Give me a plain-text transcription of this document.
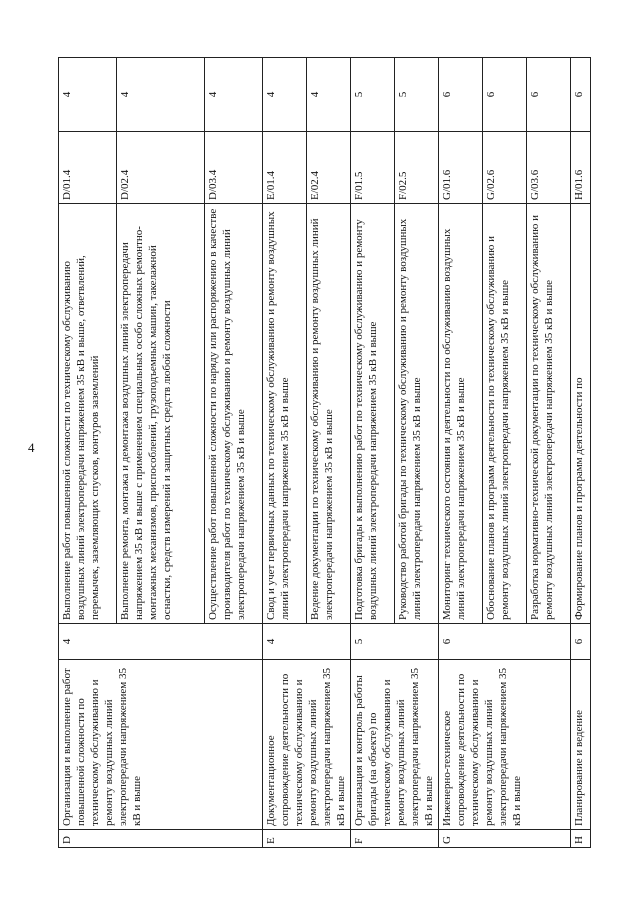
4
D	Организация и выполнение работ повышенной сложности по техническому обслуживанию и ремонту воздушных линий электропередачи напряжением 35 кВ и выше	4	Выполнение работ повышенной сложности по техническому обслуживанию воздушных линий электропередачи напряжением 35 кВ и выше, ответвлений, перемычек, заземляющих спусков, контуров заземлений	D/01.4	4
			Выполнение ремонта, монтажа и демонтажа воздушных линий электропередачи напряжением 35 кВ и выше с применением специальных особо сложных ремонтно-монтажных механизмов, приспособлений, грузоподъемных машин, такелажной оснастки, средств измерений и защитных средств любой сложности	D/02.4	4
			Осуществление работ повышенной сложности по наряду или распоряжению в качестве производителя работ по техническому обслуживанию и ремонту воздушных линий электропередачи напряжением 35 кВ и выше	D/03.4	4
E	Документационное сопровождение деятельности по техническому обслуживанию и ремонту воздушных линий электропередачи напряжением 35 кВ и выше	4	Свод и учет первичных данных по техническому обслуживанию и ремонту воздушных линий электропередачи напряжением 35 кВ и выше	E/01.4	4
			Ведение документации по техническому обслуживанию и ремонту воздушных линий электропередачи напряжением 35 кВ и выше	E/02.4	4
F	Организация и контроль работы бригады (на объекте) по техническому обслуживанию и ремонту воздушных линий электропередачи напряжением 35 кВ и выше	5	Подготовка бригады к выполнению работ по техническому обслуживанию и ремонту воздушных линий электропередачи напряжением 35 кВ и выше	F/01.5	5
			Руководство работой бригады по техническому обслуживанию и ремонту воздушных линий электропередачи напряжением 35 кВ и выше	F/02.5	5
G	Инженерно-техническое сопровождение деятельности по техническому обслуживанию и ремонту воздушных линий электропередачи напряжением 35 кВ и выше	6	Мониторинг технического состояния и деятельности по обслуживанию воздушных линий электропередачи напряжением 35 кВ и выше	G/01.6	6
			Обоснование планов и программ деятельности по техническому обслуживанию и ремонту воздушных линий электропередачи напряжением 35 кВ и выше	G/02.6	6
			Разработка нормативно-технической документации по техническому обслуживанию и ремонту воздушных линий электропередачи напряжением 35 кВ и выше	G/03.6	6
H	Планирование и ведение	6	Формирование планов и программ деятельности по	H/01.6	6
